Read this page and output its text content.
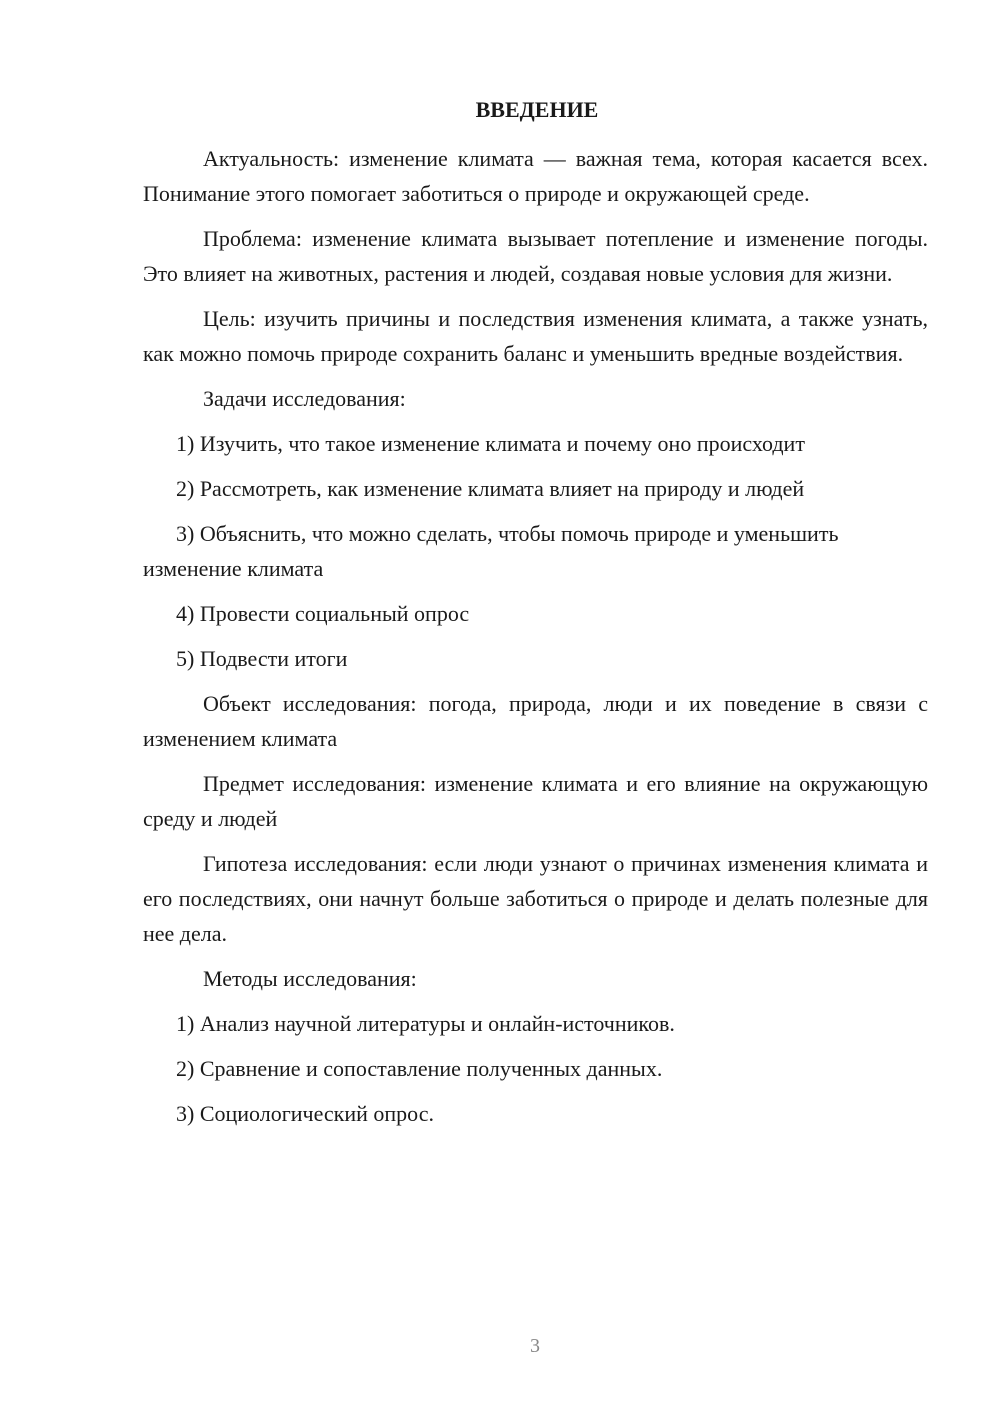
ВВЕДЕНИЕ

Актуальность: изменение климата — важная тема, которая касается всех. Понимание этого помогает заботиться о природе и окружающей среде.

Проблема: изменение климата вызывает потепление и изменение погоды. Это влияет на животных, растения и людей, создавая новые условия для жизни.

Цель: изучить причины и последствия изменения климата, а также узнать, как можно помочь природе сохранить баланс и уменьшить вредные воздействия.

Задачи исследования:

1) Изучить, что такое изменение климата и почему оно происходит

2) Рассмотреть, как изменение климата влияет на природу и людей

3) Объяснить, что можно сделать, чтобы помочь природе и уменьшить изменение климата

4) Провести социальный опрос

5) Подвести итоги

Объект исследования: погода, природа, люди и их поведение в связи с изменением климата

Предмет исследования: изменение климата и его влияние на окружающую среду и людей

Гипотеза исследования: если люди узнают о причинах изменения климата и его последствиях, они начнут больше заботиться о природе и делать полезные для нее дела.

Методы исследования:

1) Анализ научной литературы и онлайн-источников.

2) Сравнение и сопоставление полученных данных.

3) Социологический опрос.

3
